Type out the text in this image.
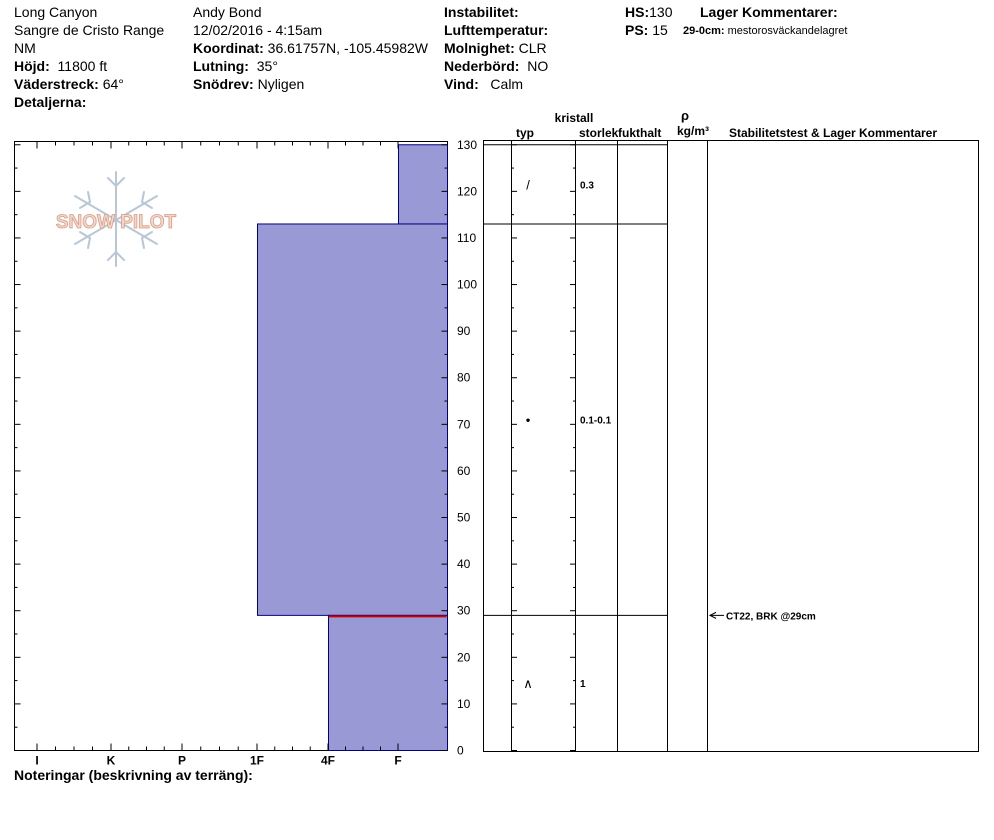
Long Canyon
Sangre de Cristo Range
NM
Höjd: 11800 ft
Väderstreck: 64°
Detaljerna:
Andy Bond
12/02/2016 - 4:15am
Koordinat: 36.61757N, -105.45982W
Lutning: 35°
Snödrev: Nyligen
Instabilitet:
Lufttemperatur:
Molnighet: CLR
Nederbörd: NO
Vind: Calm
HS:130
PS: 15
Lager Kommentarer:
29-0cm: mestorosväckandelagret
SNOW PILOT
0
10
20
30
40
50
60
70
80
90
100
110
120
130
I	K	P	1F	4F	F
kristall
typ	storlek fukthalt
ρ
kg/m³ Stabilitetstest & Lager Kommentarer
/	0.3
•	0.1-0.1
∧	1
CT22, BRK @29cm
Noteringar (beskrivning av terräng):
